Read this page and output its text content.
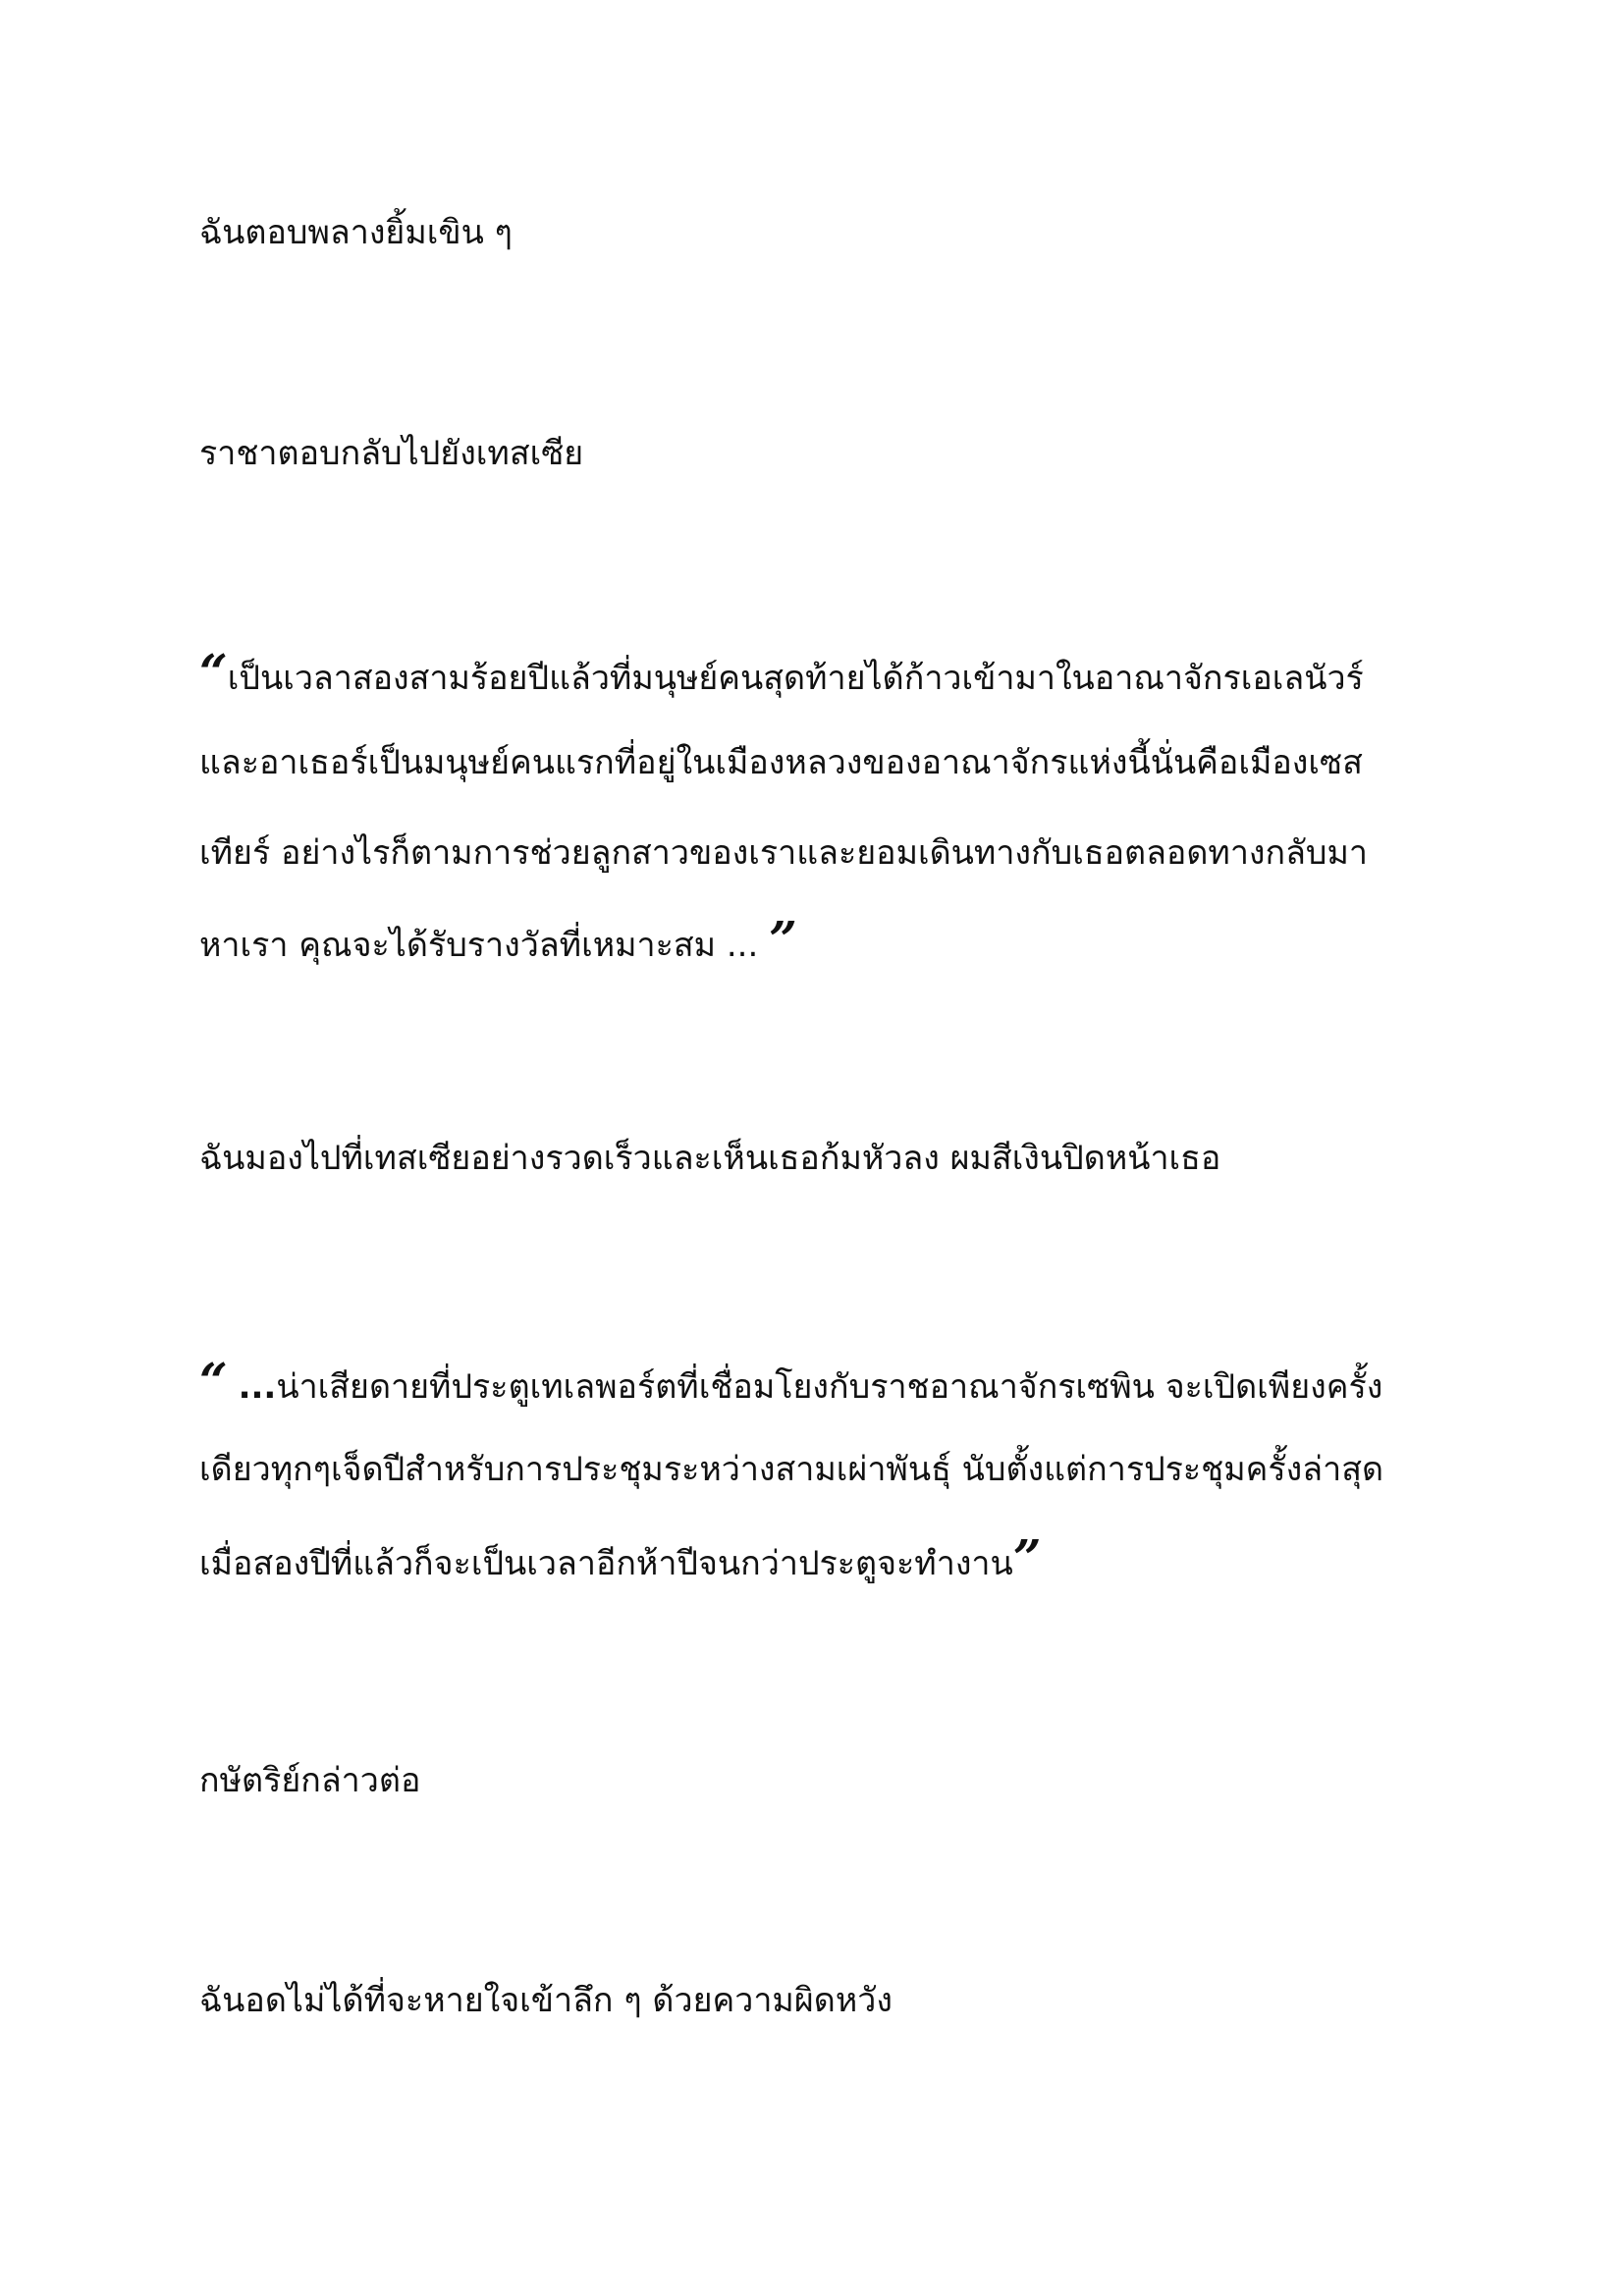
ฉันตอบพลางยิ้มเขิน ๆ
ราชาตอบกลับไปยังเทสเซีย
“เป็นเวลาสองสามร้อยปีแล้วที่มนุษย์คนสุดท้ายได้ก้าวเข้ามาในอาณาจักรเอเลนัวร์
และอาเธอร์เป็นมนุษย์คนแรกที่อยู่ในเมืองหลวงของอาณาจักรแห่งนี้นั่นคือเมืองเซส
เทียร์ อย่างไรก็ตามการช่วยลูกสาวของเราและยอมเดินทางกับเธอตลอดทางกลับมา
หาเรา คุณจะได้รับรางวัลที่เหมาะสม ... ”
ฉันมองไปที่เทสเซียอย่างรวดเร็วและเห็นเธอก้มหัวลง ผมสีเงินปิดหน้าเธอ
“ ...น่าเสียดายที่ประตูเทเลพอร์ตที่เชื่อมโยงกับราชอาณาจักรเซพิน จะเปิดเพียงครั้ง
เดียวทุกๆเจ็ดปีสำหรับการประชุมระหว่างสามเผ่าพันธุ์ นับตั้งแต่การประชุมครั้งล่าสุด
เมื่อสองปีที่แล้วก็จะเป็นเวลาอีกห้าปีจนกว่าประตูจะทำงาน”
กษัตริย์กล่าวต่อ
ฉันอดไม่ได้ที่จะหายใจเข้าลึก ๆ ด้วยความผิดหวัง
